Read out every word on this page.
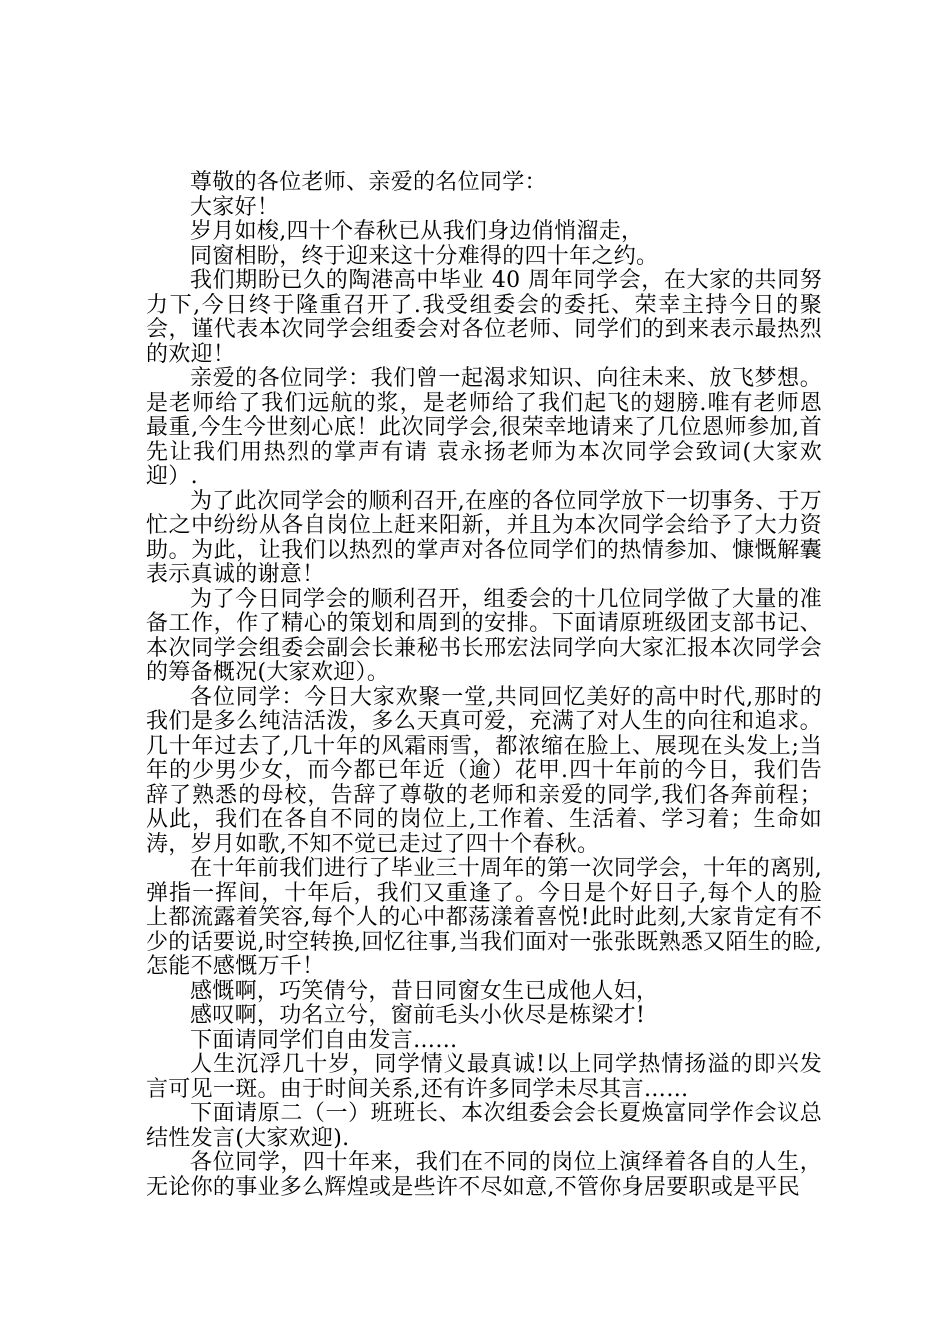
尊敬的各位老师、亲爱的名位同学：

大家好！

岁月如梭,四十个春秋已从我们身边俏悄溜走，

同窗相盼，终于迎来这十分难得的四十年之约。

我们期盼已久的陶港高中毕业 40 周年同学会，在大家的共同努力下,今日终于隆重召开了.我受组委会的委托、荣幸主持今日的聚会，谨代表本次同学会组委会对各位老师、同学们的到来表示最热烈的欢迎！

亲爱的各位同学：我们曾一起渴求知识、向往未来、放飞梦想。是老师给了我们远航的浆，是老师给了我们起飞的翅膀.唯有老师恩最重,今生今世刻心底！此次同学会,很荣幸地请来了几位恩师参加,首先让我们用热烈的掌声有请 袁永扬老师为本次同学会致词(大家欢迎）.

为了此次同学会的顺利召开,在座的各位同学放下一切事务、于万忙之中纷纷从各自岗位上赶来阳新，并且为本次同学会给予了大力资助。为此，让我们以热烈的掌声对各位同学们的热情参加、慷慨解囊表示真诚的谢意！

为了今日同学会的顺利召开，组委会的十几位同学做了大量的准备工作，作了精心的策划和周到的安排。下面请原班级团支部书记、本次同学会组委会副会长兼秘书长邢宏法同学向大家汇报本次同学会的筹备概况(大家欢迎）。

各位同学：今日大家欢聚一堂,共同回忆美好的高中时代,那时的我们是多么纯洁活泼，多么天真可爱，充满了对人生的向往和追求。几十年过去了,几十年的风霜雨雪，都浓缩在脸上、展现在头发上;当年的少男少女，而今都已年近（逾）花甲.四十年前的今日，我们告辞了熟悉的母校，告辞了尊敬的老师和亲爱的同学,我们各奔前程；从此，我们在各自不同的岗位上,工作着、生活着、学习着；生命如涛，岁月如歌,不知不觉已走过了四十个春秋。

在十年前我们进行了毕业三十周年的第一次同学会，十年的离别,弹指一挥间，十年后，我们又重逢了。今日是个好日子,每个人的脸上都流露着笑容,每个人的心中都荡漾着喜悦!此时此刻,大家肯定有不少的话要说,时空转换,回忆往事,当我们面对一张张既熟悉又陌生的睑,怎能不感慨万千！

感慨啊，巧笑倩兮，昔日同窗女生已成他人妇，

感叹啊，功名立兮，窗前毛头小伙尽是栋梁才!

下面请同学们自由发言……

人生沉浮几十岁，同学情义最真诚!以上同学热情扬溢的即兴发言可见一斑。由于时间关系,还有许多同学未尽其言……

下面请原二（一）班班长、本次组委会会长夏焕富同学作会议总结性发言(大家欢迎).

各位同学，四十年来，我们在不同的岗位上演绎着各自的人生，无论你的事业多么辉煌或是些许不尽如意,不管你身居要职或是平民
